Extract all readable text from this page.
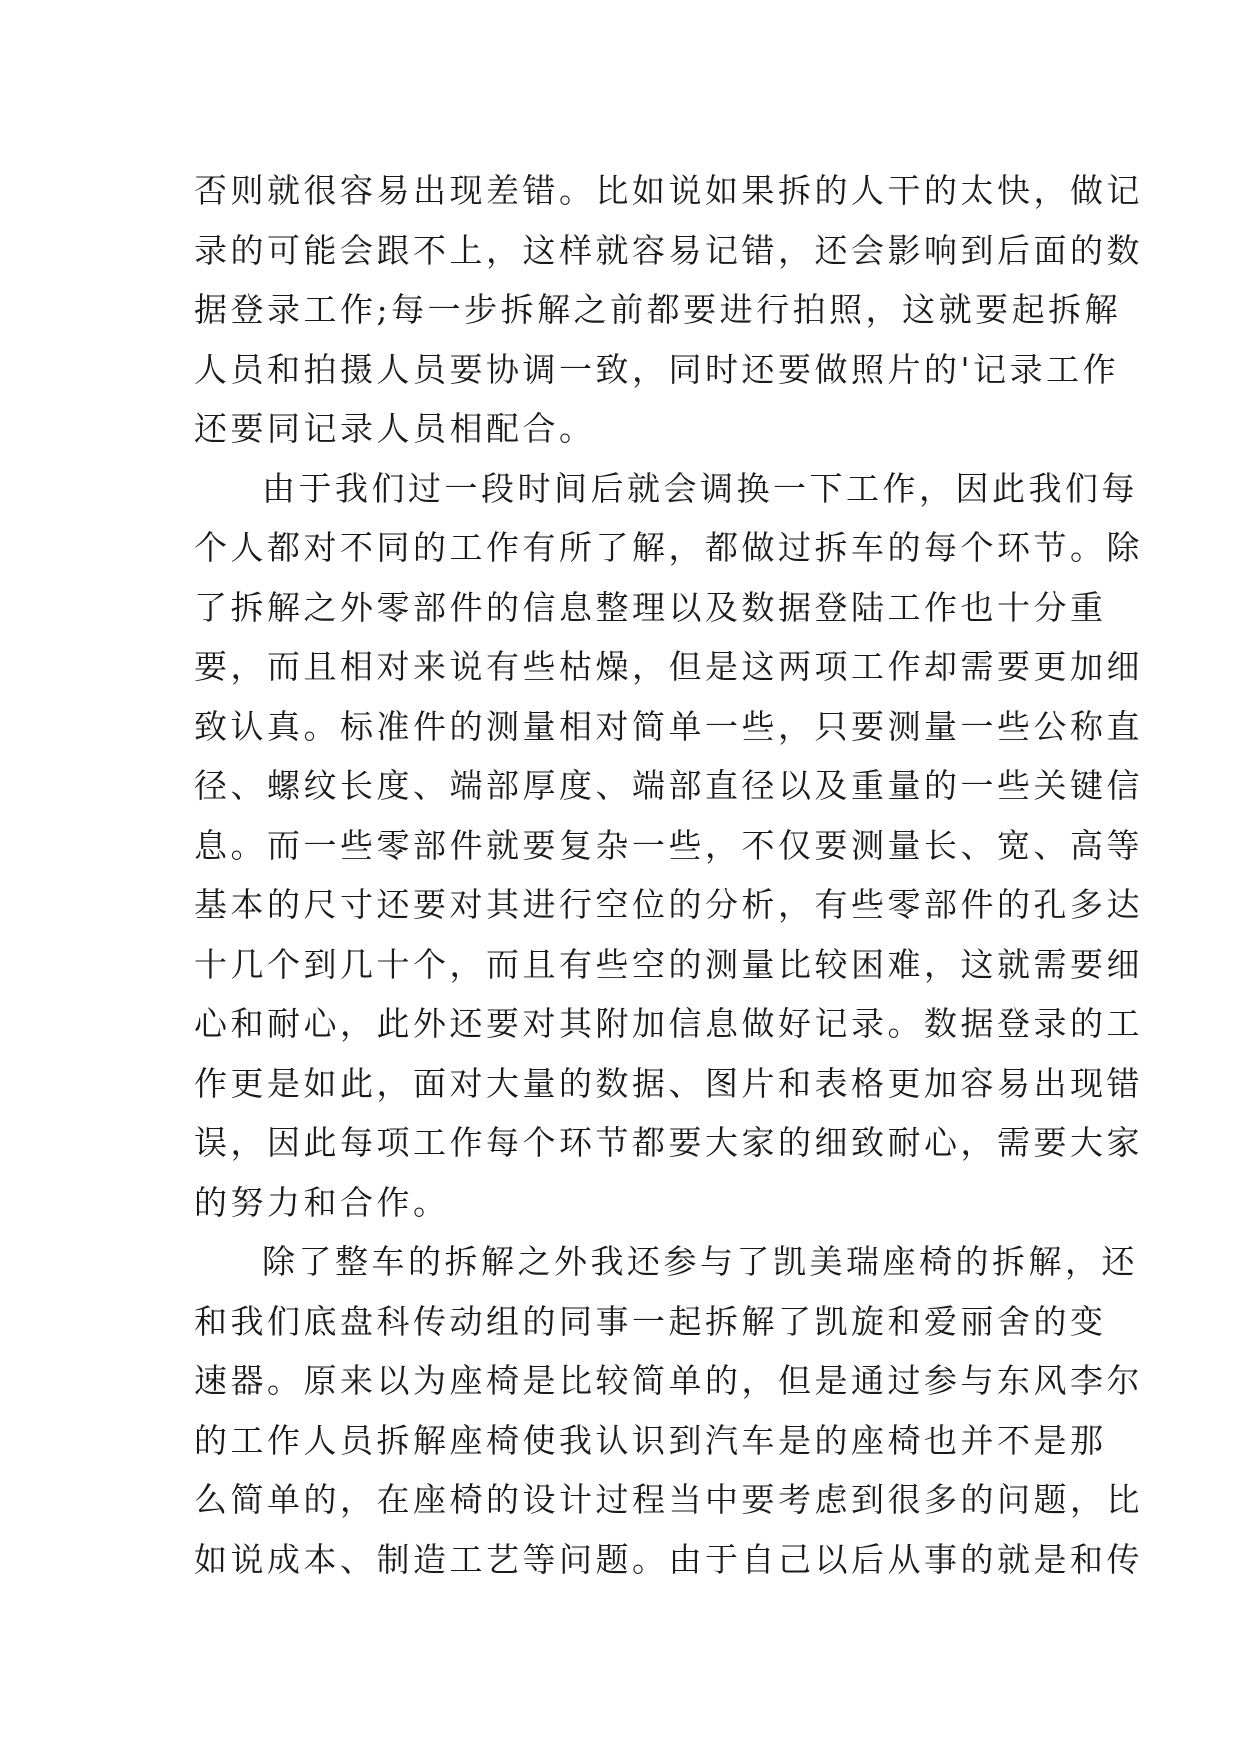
否则就很容易出现差错。比如说如果拆的人干的太快，做记
录的可能会跟不上，这样就容易记错，还会影响到后面的数
据登录工作;每一步拆解之前都要进行拍照，这就要起拆解
人员和拍摄人员要协调一致，同时还要做照片的'记录工作
还要同记录人员相配合。
由于我们过一段时间后就会调换一下工作，因此我们每
个人都对不同的工作有所了解，都做过拆车的每个环节。除
了拆解之外零部件的信息整理以及数据登陆工作也十分重
要，而且相对来说有些枯燥，但是这两项工作却需要更加细
致认真。标准件的测量相对简单一些，只要测量一些公称直
径、螺纹长度、端部厚度、端部直径以及重量的一些关键信
息。而一些零部件就要复杂一些，不仅要测量长、宽、高等
基本的尺寸还要对其进行空位的分析，有些零部件的孔多达
十几个到几十个，而且有些空的测量比较困难，这就需要细
心和耐心，此外还要对其附加信息做好记录。数据登录的工
作更是如此，面对大量的数据、图片和表格更加容易出现错
误，因此每项工作每个环节都要大家的细致耐心，需要大家
的努力和合作。
除了整车的拆解之外我还参与了凯美瑞座椅的拆解，还
和我们底盘科传动组的同事一起拆解了凯旋和爱丽舍的变
速器。原来以为座椅是比较简单的，但是通过参与东风李尔
的工作人员拆解座椅使我认识到汽车是的座椅也并不是那
么简单的，在座椅的设计过程当中要考虑到很多的问题，比
如说成本、制造工艺等问题。由于自己以后从事的就是和传
